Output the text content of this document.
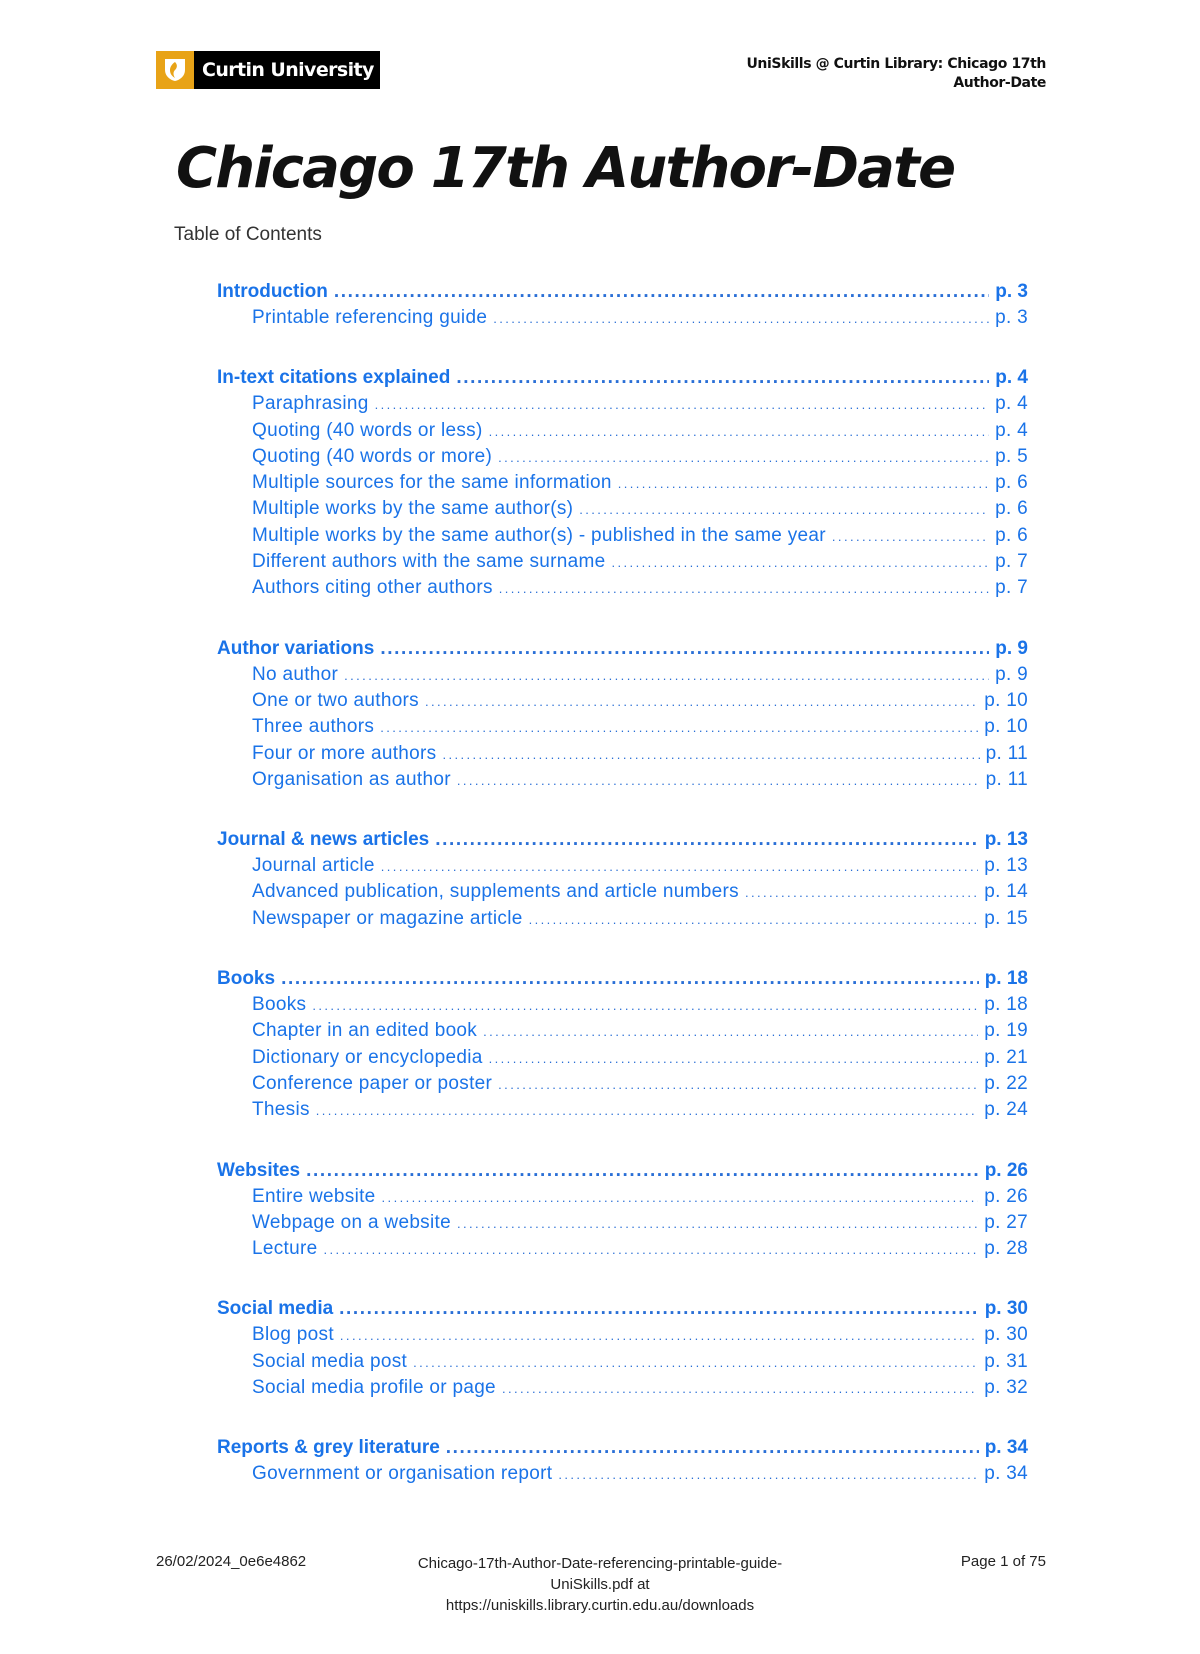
Curtin University	UniSkills @ Curtin Library: Chicago 17th
Author-Date
Chicago 17th Author-Date
Table of Contents
Introduction .....	p. 3
Printable referencing guide .....	p. 3
In-text citations explained .....	p. 4
Paraphrasing .....	p. 4
Quoting (40 words or less) .....	p. 4
Quoting (40 words or more) .....	p. 5
Multiple sources for the same information .....	p. 6
Multiple works by the same author(s) .....	p. 6
Multiple works by the same author(s) - published in the same year .....	p. 6
Different authors with the same surname .....	p. 7
Authors citing other authors .....	p. 7
Author variations .....	p. 9
No author .....	p. 9
One or two authors .....	p. 10
Three authors .....	p. 10
Four or more authors .....	p. 11
Organisation as author .....	p. 11
Journal & news articles .....	p. 13
Journal article .....	p. 13
Advanced publication, supplements and article numbers .....	p. 14
Newspaper or magazine article .....	p. 15
Books .....	p. 18
Books .....	p. 18
Chapter in an edited book .....	p. 19
Dictionary or encyclopedia .....	p. 21
Conference paper or poster .....	p. 22
Thesis .....	p. 24
Websites .....	p. 26
Entire website .....	p. 26
Webpage on a website .....	p. 27
Lecture .....	p. 28
Social media .....	p. 30
Blog post .....	p. 30
Social media post .....	p. 31
Social media profile or page .....	p. 32
Reports & grey literature .....	p. 34
Government or organisation report .....	p. 34
26/02/2024_0e6e4862	Chicago-17th-Author-Date-referencing-printable-guide-
UniSkills.pdf at
https://uniskills.library.curtin.edu.au/downloads
Page 1 of 75
